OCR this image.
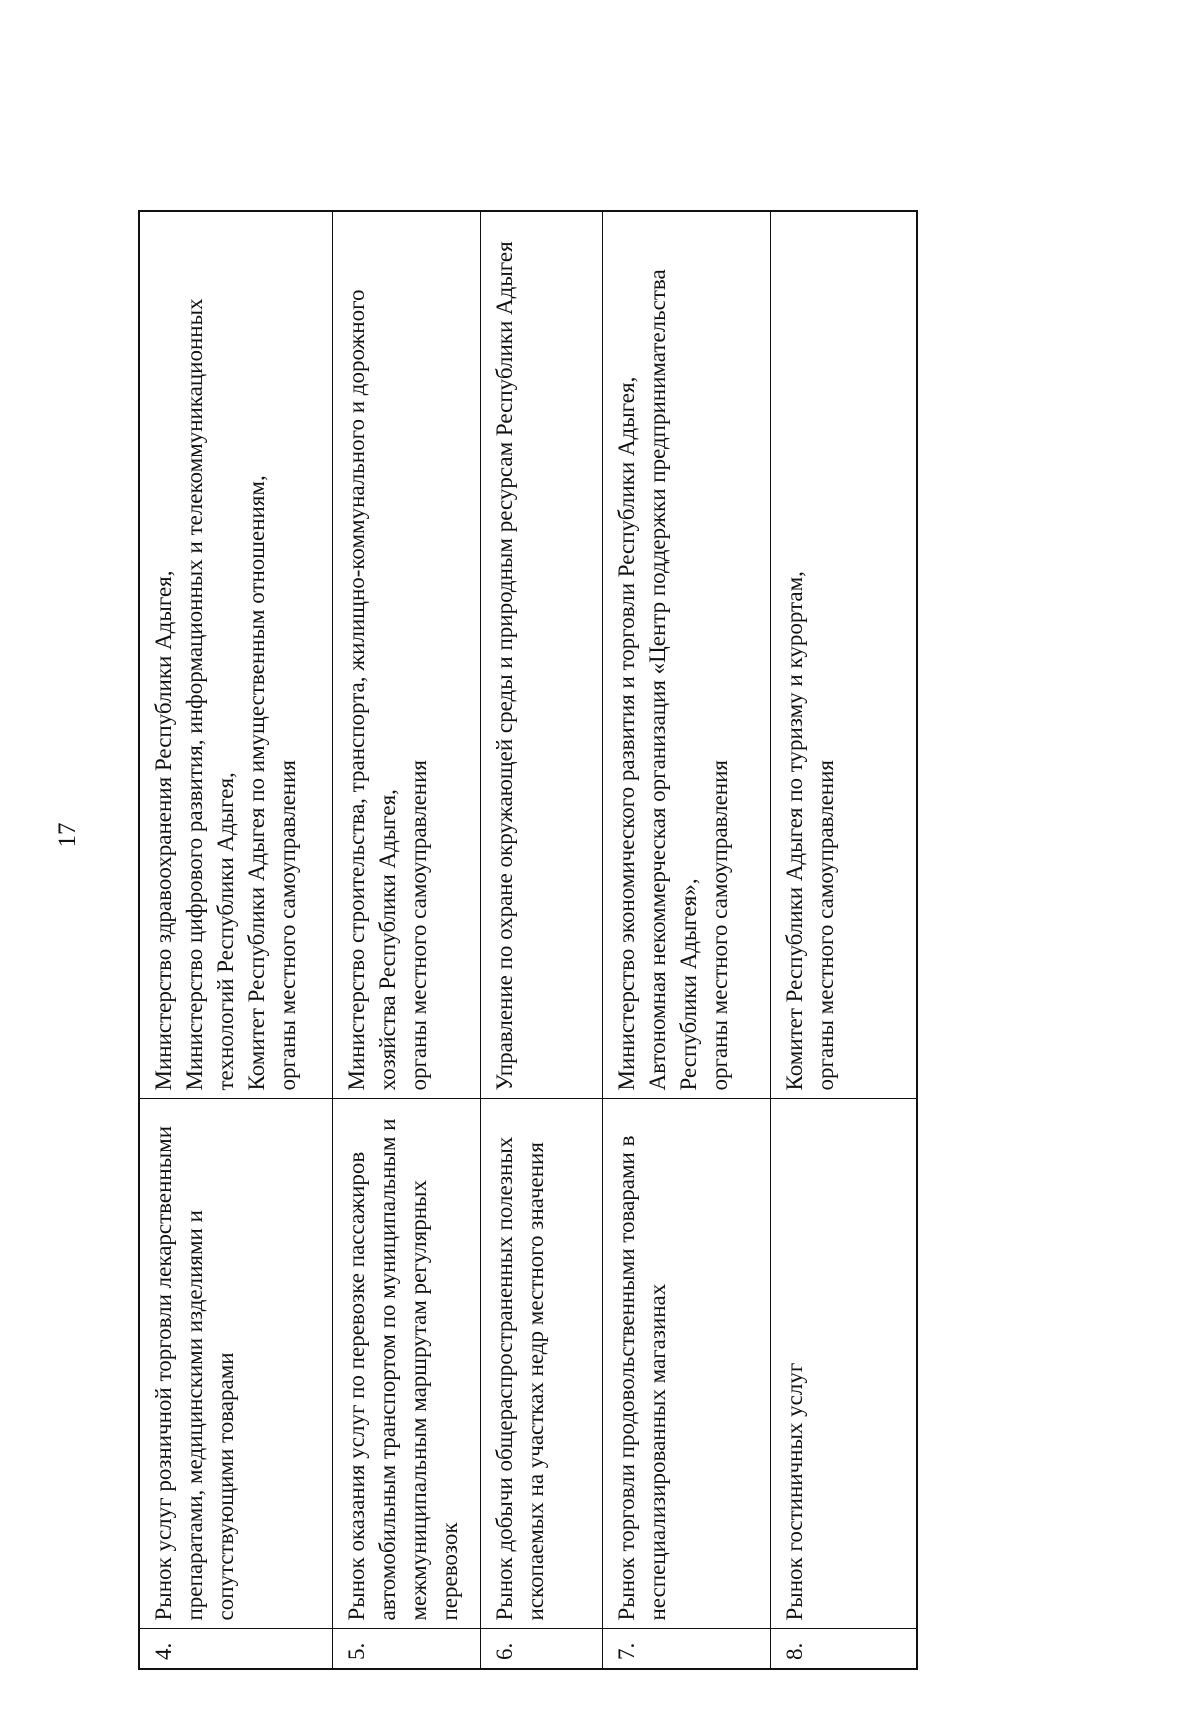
17
4.	Рынок услуг розничной торговли лекарственными препаратами, медицинскими изделиями и сопутствующими товарами	Министерство здравоохранения Республики Адыгея,
Министерство цифрового развития, информационных и телекоммуникационных технологий Республики Адыгея,
Комитет Республики Адыгея по имущественным отношениям,
органы местного самоуправления
5.	Рынок оказания услуг по перевозке пассажиров автомобильным транспортом по муниципальным и межмуниципальным маршрутам регулярных перевозок	Министерство строительства, транспорта, жилищно-коммунального и дорожного хозяйства Республики Адыгея,
органы местного самоуправления
6.	Рынок добычи общераспространенных полезных ископаемых на участках недр местного значения	Управление по охране окружающей среды и природным ресурсам Республики Адыгея
7.	Рынок торговли продовольственными товарами в неспециализированных магазинах	Министерство экономического развития и торговли Республики Адыгея,
Автономная некоммерческая организация «Центр поддержки предпринимательства Республики Адыгея»,
органы местного самоуправления
8.	Рынок гостиничных услуг	Комитет Республики Адыгея по туризму и курортам,
органы местного самоуправления
